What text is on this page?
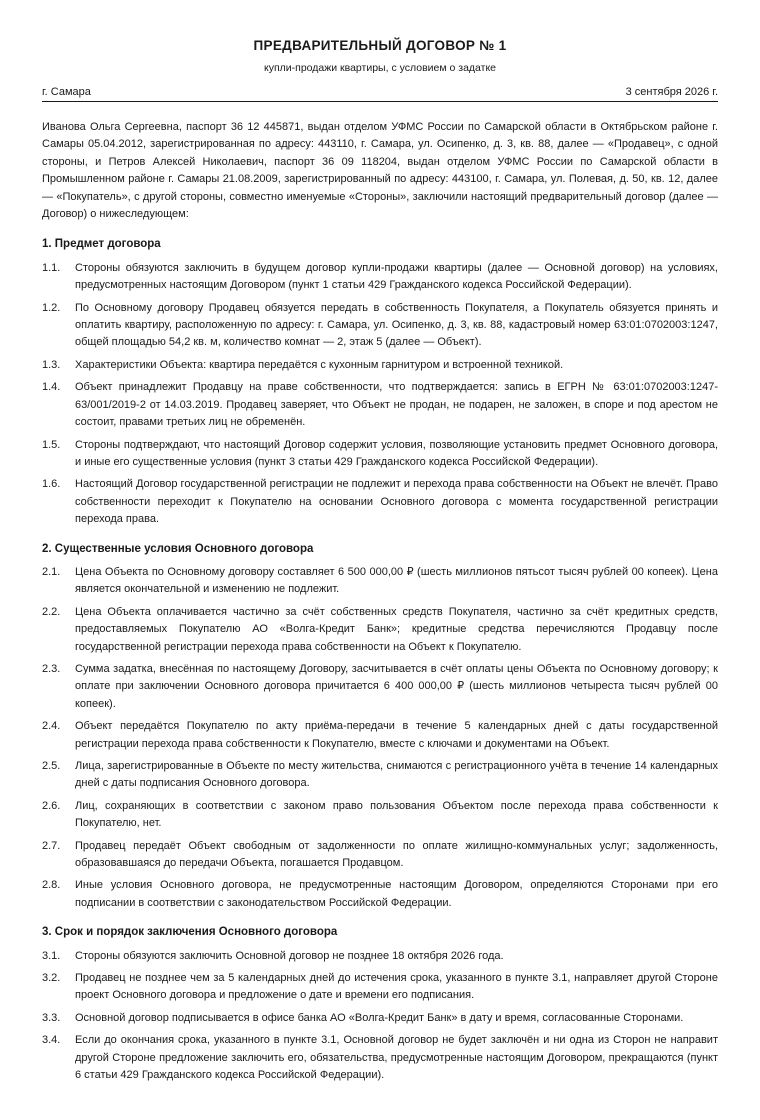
ПРЕДВАРИТЕЛЬНЫЙ ДОГОВОР № 1
купли-продажи квартиры, с условием о задатке
г. Самара	3 сентября 2026 г.

Иванова Ольга Сергеевна, паспорт 36 12 445871, выдан отделом УФМС России по Самарской области в Октябрьском районе г. Самары 05.04.2012, зарегистрированная по адресу: 443110, г. Самара, ул. Осипенко, д. 3, кв. 88, далее — «Продавец», с одной стороны, и Петров Алексей Николаевич, паспорт 36 09 118204, выдан отделом УФМС России по Самарской области в Промышленном районе г. Самары 21.08.2009, зарегистрированный по адресу: 443100, г. Самара, ул. Полевая, д. 50, кв. 12, далее — «Покупатель», с другой стороны, совместно именуемые «Стороны», заключили настоящий предварительный договор (далее — Договор) о нижеследующем:

1. Предмет договора
1.1. Стороны обязуются заключить в будущем договор купли-продажи квартиры (далее — Основной договор) на условиях, предусмотренных настоящим Договором (пункт 1 статьи 429 Гражданского кодекса Российской Федерации).
1.2. По Основному договору Продавец обязуется передать в собственность Покупателя, а Покупатель обязуется принять и оплатить квартиру, расположенную по адресу: г. Самара, ул. Осипенко, д. 3, кв. 88, кадастровый номер 63:01:0702003:1247, общей площадью 54,2 кв. м, количество комнат — 2, этаж 5 (далее — Объект).
1.3. Характеристики Объекта: квартира передаётся с кухонным гарнитуром и встроенной техникой.
1.4. Объект принадлежит Продавцу на праве собственности, что подтверждается: запись в ЕГРН № 63:01:0702003:1247-63/001/2019-2 от 14.03.2019. Продавец заверяет, что Объект не продан, не подарен, не заложен, в споре и под арестом не состоит, правами третьих лиц не обременён.
1.5. Стороны подтверждают, что настоящий Договор содержит условия, позволяющие установить предмет Основного договора, и иные его существенные условия (пункт 3 статьи 429 Гражданского кодекса Российской Федерации).
1.6. Настоящий Договор государственной регистрации не подлежит и перехода права собственности на Объект не влечёт. Право собственности переходит к Покупателю на основании Основного договора с момента государственной регистрации перехода права.
2. Существенные условия Основного договора
2.1. Цена Объекта по Основному договору составляет 6 500 000,00 ₽ (шесть миллионов пятьсот тысяч рублей 00 копеек). Цена является окончательной и изменению не подлежит.
2.2. Цена Объекта оплачивается частично за счёт собственных средств Покупателя, частично за счёт кредитных средств, предоставляемых Покупателю АО «Волга-Кредит Банк»; кредитные средства перечисляются Продавцу после государственной регистрации перехода права собственности на Объект к Покупателю.
2.3. Сумма задатка, внесённая по настоящему Договору, засчитывается в счёт оплаты цены Объекта по Основному договору; к оплате при заключении Основного договора причитается 6 400 000,00 ₽ (шесть миллионов четыреста тысяч рублей 00 копеек).
2.4. Объект передаётся Покупателю по акту приёма-передачи в течение 5 календарных дней с даты государственной регистрации перехода права собственности к Покупателю, вместе с ключами и документами на Объект.
2.5. Лица, зарегистрированные в Объекте по месту жительства, снимаются с регистрационного учёта в течение 14 календарных дней с даты подписания Основного договора.
2.6. Лиц, сохраняющих в соответствии с законом право пользования Объектом после перехода права собственности к Покупателю, нет.
2.7. Продавец передаёт Объект свободным от задолженности по оплате жилищно-коммунальных услуг; задолженность, образовавшаяся до передачи Объекта, погашается Продавцом.
2.8. Иные условия Основного договора, не предусмотренные настоящим Договором, определяются Сторонами при его подписании в соответствии с законодательством Российской Федерации.
3. Срок и порядок заключения Основного договора
3.1. Стороны обязуются заключить Основной договор не позднее 18 октября 2026 года.
3.2. Продавец не позднее чем за 5 календарных дней до истечения срока, указанного в пункте 3.1, направляет другой Стороне проект Основного договора и предложение о дате и времени его подписания.
3.3. Основной договор подписывается в офисе банка АО «Волга-Кредит Банк» в дату и время, согласованные Сторонами.
3.4. Если до окончания срока, указанного в пункте 3.1, Основной договор не будет заключён и ни одна из Сторон не направит другой Стороне предложение заключить его, обязательства, предусмотренные настоящим Договором, прекращаются (пункт 6 статьи 429 Гражданского кодекса Российской Федерации).
